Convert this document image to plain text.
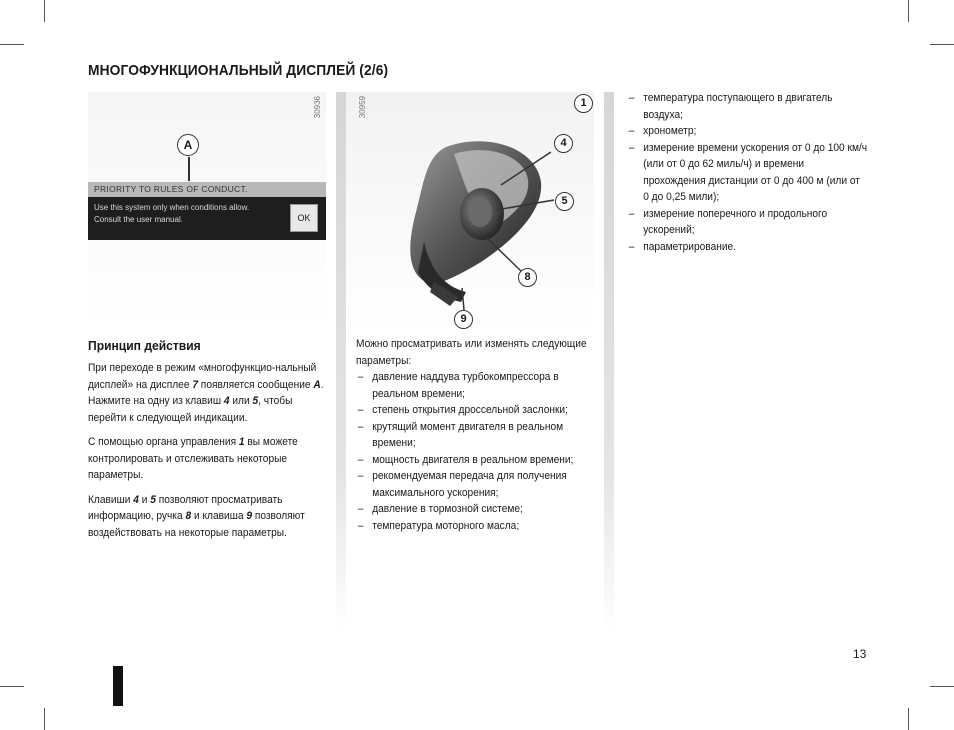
МНОГОФУНКЦИОНАЛЬНЫЙ ДИСПЛЕЙ (2/6)
30936
A
PRIORITY TO RULES OF CONDUCT.
Use this system only when conditions allow.
Consult the user manual.	OK
30959	1
4
5
8
9
Принцип действия

При переходе в режим «многофункцио-нальный дисплей» на дисплее 7 появляется сообщение A. Нажмите на одну из клавиш 4 или 5, чтобы перейти к следующей индикации.

С помощью органа управления 1 вы можете контролировать и отслеживать некоторые параметры.

Клавиши 4 и 5 позволяют просматривать информацию, ручка 8 и клавиша 9 позволяют воздействовать на некоторые параметры.

Можно просматривать или изменять следующие параметры:
– давление наддува турбокомпрессора в реальном времени;
– степень открытия дроссельной заслонки;
– крутящий момент двигателя в реальном времени;
– мощность двигателя в реальном времени;
– рекомендуемая передача для получения максимального ускорения;
– давление в тормозной системе;
– температура моторного масла;
– температура поступающего в двигатель воздуха;
– хронометр;
– измерение времени ускорения от 0 до 100 км/ч (или от 0 до 62 миль/ч) и времени прохождения дистанции от 0 до 400 м (или от 0 до 0,25 мили);
– измерение поперечного и продольного ускорений;
– параметрирование.
13
